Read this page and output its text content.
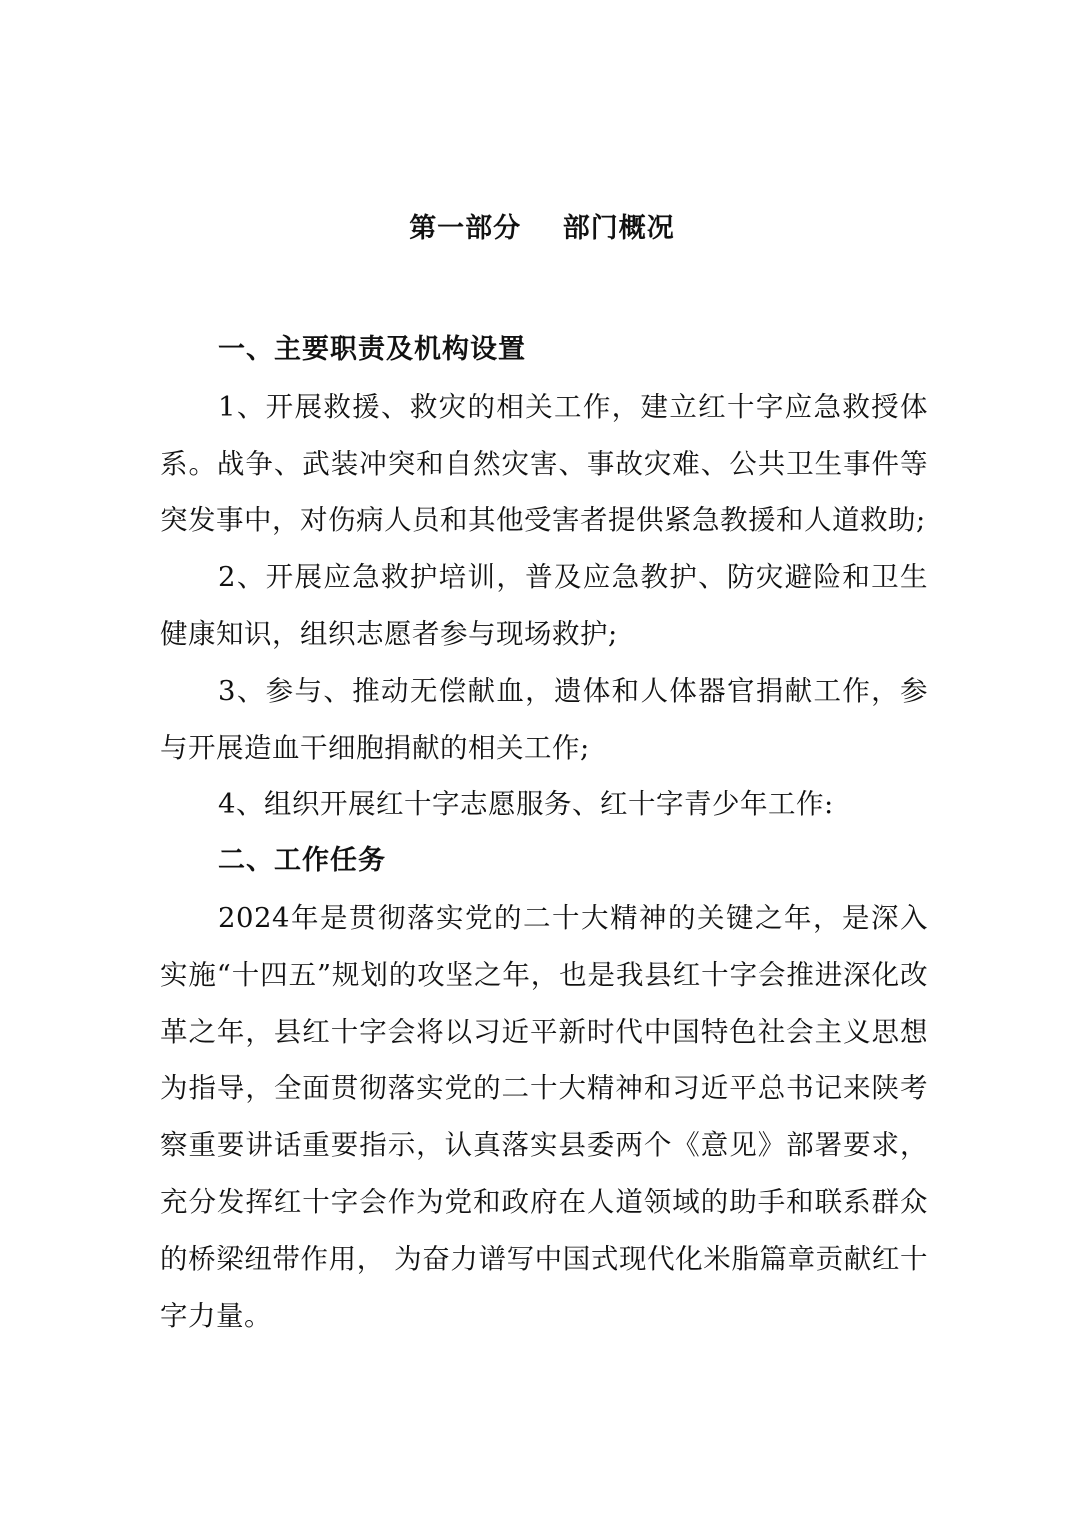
第一部分    部门概况

一、主要职责及机构设置

1、开展救援、救灾的相关工作，建立红十字应急救授体系。战争、武装冲突和自然灾害、事故灾难、公共卫生事件等突发事中，对伤病人员和其他受害者提供紧急教援和人道救助;

2、开展应急救护培训，普及应急教护、防灾避险和卫生健康知识，组织志愿者参与现场救护;

3、参与、推动无偿献血，遗体和人体器官捐献工作，参与开展造血干细胞捐献的相关工作;

4、组织开展红十字志愿服务、红十字青少年工作:

二、工作任务

2024年是贯彻落实党的二十大精神的关键之年，是深入实施“十四五”规划的攻坚之年，也是我县红十字会推进深化改革之年，县红十字会将以习近平新时代中国特色社会主义思想为指导，全面贯彻落实党的二十大精神和习近平总书记来陕考察重要讲话重要指示，认真落实县委两个《意见》部署要求，充分发挥红十字会作为党和政府在人道领域的助手和联系群众的桥梁纽带作用， 为奋力谱写中国式现代化米脂篇章贡献红十字力量。
